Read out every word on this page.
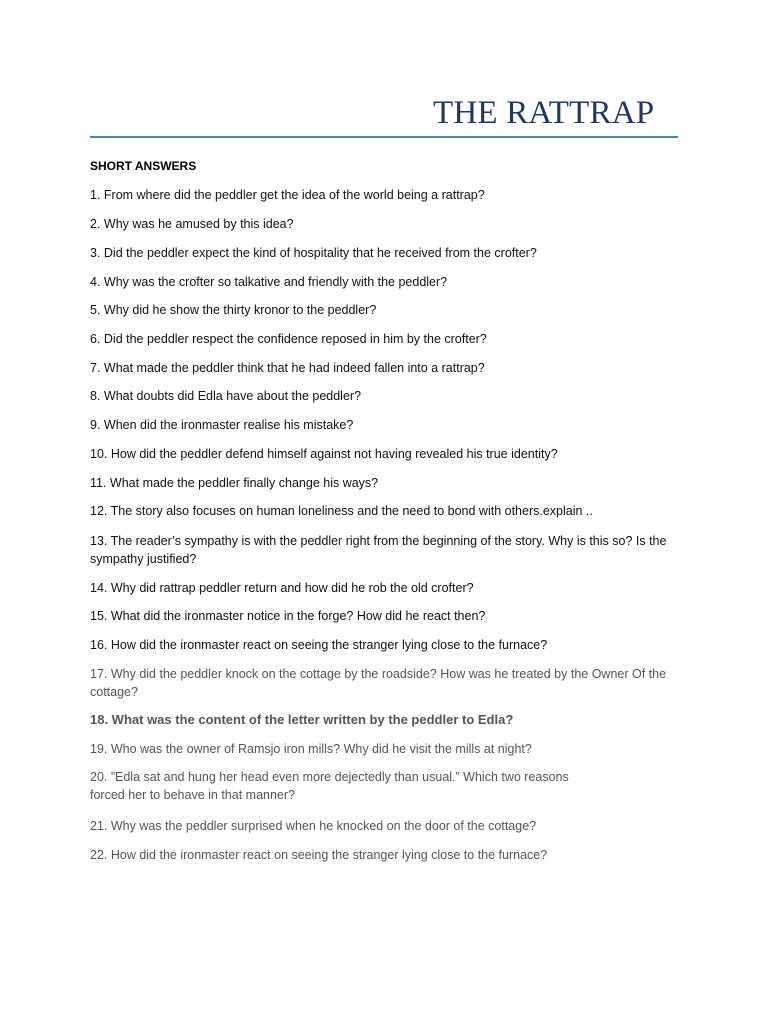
THE RATTRAP
SHORT ANSWERS
1. From where did the peddler get the idea of the world being a rattrap?
2. Why was he amused by this idea?
3. Did the peddler expect the kind of hospitality that he received from the crofter?
4. Why was the crofter so talkative and friendly with the peddler?
5. Why did he show the thirty kronor to the peddler?
6. Did the peddler respect the confidence reposed in him by the crofter?
7. What made the peddler think that he had indeed fallen into a rattrap?
8. What doubts did Edla have about the peddler?
9. When did the ironmaster realise his mistake?
10. How did the peddler defend himself against not having revealed his true identity?
11. What made the peddler finally change his ways?
12. The story also focuses on human loneliness and the need to bond with others.explain ..
13. The reader’s sympathy is with the peddler right from the beginning of the story. Why is this so? Is the sympathy justified?
14. Why did rattrap peddler return and how did he rob the old crofter?
15. What did the ironmaster notice in the forge? How did he react then?
16. How did the ironmaster react on seeing the stranger lying close to the furnace?
17. Why did the peddler knock on the cottage by the roadside? How was he treated by the Owner Of the cottage?
18. What was the content of the letter written by the peddler to Edla?
19. Who was the owner of Ramsjo iron mills? Why did he visit the mills at night?
20. ”Edla sat and hung her head even more dejectedly than usual.” Which two reasons forced her to behave in that manner?
21. Why was the peddler surprised when he knocked on the door of the cottage?
22. How did the ironmaster react on seeing the stranger lying close to the furnace?
